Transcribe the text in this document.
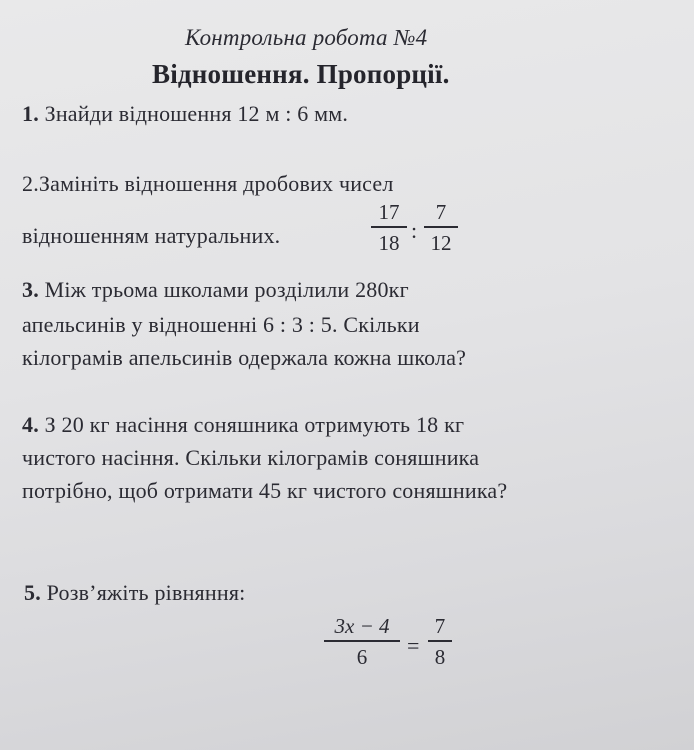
Контрольна робота №4
Відношення. Пропорції.
1. Знайди відношення 12 м : 6 мм.
2.Замініть відношення дробових чисел
відношенням натуральних.
17
18 :
7
12
3. Між трьома школами розділили 280кг
апельсинів у відношенні 6 : 3 : 5. Скільки
кілограмів апельсинів одержала кожна школа?
4. З 20 кг насіння соняшника отримують 18 кг
чистого насіння. Скільки кілограмів соняшника
потрібно, щоб отримати 45 кг чистого соняшника?
5. Розв’яжіть рівняння:
3x − 4
6	=
7
8
